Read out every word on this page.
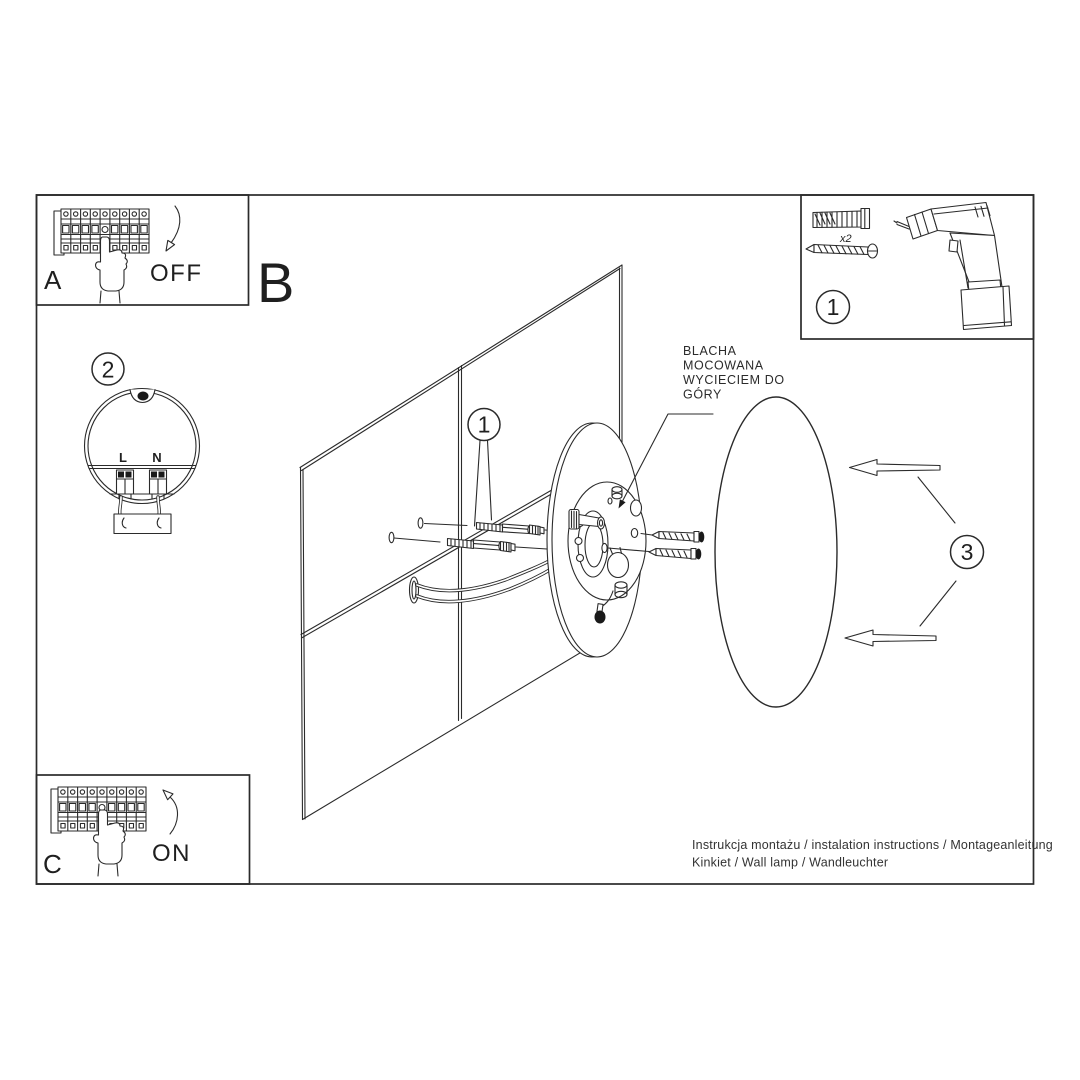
A	OFF
2
L N
C	ON
x2
1
B
1
BLACHA
MOCOWANA
WYCIECIEM DO
GÓRY
3
Instrukcja montażu / instalation instructions / Montageanleitung
Kinkiet / Wall lamp / Wandleuchter
